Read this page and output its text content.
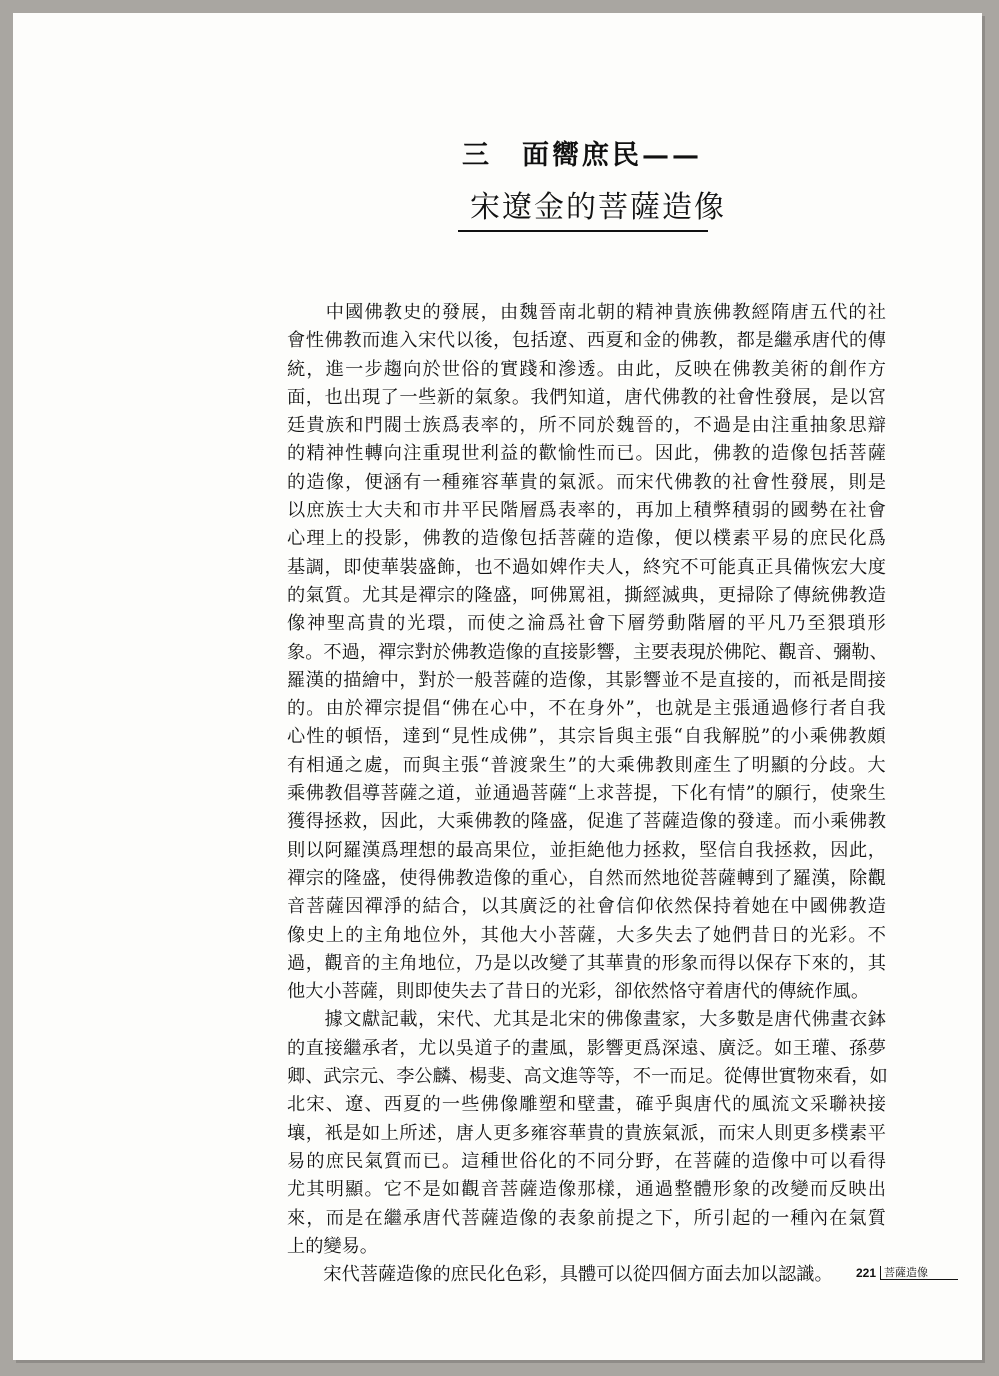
三　面嚮庶民——
宋遼金的菩薩造像

中 國 佛 教 史 的 發 展 ， 由 魏 晉 南 北 朝 的 精 神 貴 族 佛 教 經 隋 唐 五 代 的 社
會 性 佛 教 而 進 入 宋 代 以 後 ， 包 括 遼 、 西 夏 和 金 的 佛 教 ， 都 是 繼 承 唐 代 的 傳
統 ， 進 一 步 趨 向 於 世 俗 的 實 踐 和 滲 透 。 由 此 ， 反 映 在 佛 教 美 術 的 創 作 方
面 ， 也 出 現 了 一 些 新 的 氣 象 。 我 們 知 道 ， 唐 代 佛 教 的 社 會 性 發 展 ， 是 以 宮
廷 貴 族 和 門 閥 士 族 爲 表 率 的 ， 所 不 同 於 魏 晉 的 ， 不 過 是 由 注 重 抽 象 思 辯
的 精 神 性 轉 向 注 重 現 世 利 益 的 歡 愉 性 而 已 。 因 此 ， 佛 教 的 造 像 包 括 菩 薩
的 造 像 ， 便 涵 有 一 種 雍 容 華 貴 的 氣 派 。 而 宋 代 佛 教 的 社 會 性 發 展 ， 則 是
以 庶 族 士 大 夫 和 市 井 平 民 階 層 爲 表 率 的 ， 再 加 上 積 弊 積 弱 的 國 勢 在 社 會
心 理 上 的 投 影 ， 佛 教 的 造 像 包 括 菩 薩 的 造 像 ， 便 以 樸 素 平 易 的 庶 民 化 爲
基 調 ， 即 使 華 裝 盛 飾 ， 也 不 過 如 婢 作 夫 人 ， 終 究 不 可 能 真 正 具 備 恢 宏 大 度
的 氣 質 。 尤 其 是 禪 宗 的 隆 盛 ， 呵 佛 罵 祖 ， 撕 經 滅 典 ， 更 掃 除 了 傳 統 佛 教 造
像 神 聖 高 貴 的 光 環 ， 而 使 之 淪 爲 社 會 下 層 勞 動 階 層 的 平 凡 乃 至 猥 瑣 形
象 。 不 過 ， 禪 宗 對 於 佛 教 造 像 的 直 接 影 響 ， 主 要 表 現 於 佛 陀 、 觀 音 、 彌 勒 、
羅 漢 的 描 繪 中 ， 對 於 一 般 菩 薩 的 造 像 ， 其 影 響 並 不 是 直 接 的 ， 而 衹 是 間 接
的 。 由 於 禪 宗 提 倡 “ 佛 在 心 中 ， 不 在 身 外 ” ， 也 就 是 主 張 通 過 修 行 者 自 我
心 性 的 頓 悟 ， 達 到 “ 見 性 成 佛 ” ， 其 宗 旨 與 主 張 “ 自 我 解 脱 ” 的 小 乘 佛 教 頗
有 相 通 之 處 ， 而 與 主 張 “ 普 渡 衆 生 ” 的 大 乘 佛 教 則 產 生 了 明 顯 的 分 歧 。 大
乘 佛 教 倡 導 菩 薩 之 道 ， 並 通 過 菩 薩 “ 上 求 菩 提 ， 下 化 有 情 ” 的 願 行 ， 使 衆 生
獲 得 拯 救 ， 因 此 ， 大 乘 佛 教 的 隆 盛 ， 促 進 了 菩 薩 造 像 的 發 達 。 而 小 乘 佛 教
則 以 阿 羅 漢 爲 理 想 的 最 高 果 位 ， 並 拒 絶 他 力 拯 救 ， 堅 信 自 我 拯 救 ， 因 此 ，
禪 宗 的 隆 盛 ， 使 得 佛 教 造 像 的 重 心 ， 自 然 而 然 地 從 菩 薩 轉 到 了 羅 漢 ， 除 觀
音 菩 薩 因 禪 淨 的 結 合 ， 以 其 廣 泛 的 社 會 信 仰 依 然 保 持 着 她 在 中 國 佛 教 造
像 史 上 的 主 角 地 位 外 ， 其 他 大 小 菩 薩 ， 大 多 失 去 了 她 們 昔 日 的 光 彩 。 不
過 ， 觀 音 的 主 角 地 位 ， 乃 是 以 改 變 了 其 華 貴 的 形 象 而 得 以 保 存 下 來 的 ， 其
他大小菩薩，則即使失去了昔日的光彩，卻依然恪守着唐代的傳統作風。

據 文 獻 記 載 ， 宋 代 、 尤 其 是 北 宋 的 佛 像 畫 家 ， 大 多 數 是 唐 代 佛 畫 衣 鉢
的 直 接 繼 承 者 ， 尤 以 吳 道 子 的 畫 風 ， 影 響 更 爲 深 遠 、 廣 泛 。 如 王 瓘 、 孫 夢
卿 、 武 宗 元 、 李 公 麟 、 楊 斐 、 高 文 進 等 等 ， 不 一 而 足 。 從 傳 世 實 物 來 看 ， 如
北 宋 、 遼 、 西 夏 的 一 些 佛 像 雕 塑 和 壁 畫 ， 確 乎 與 唐 代 的 風 流 文 采 聯 袂 接
壤 ， 衹 是 如 上 所 述 ， 唐 人 更 多 雍 容 華 貴 的 貴 族 氣 派 ， 而 宋 人 則 更 多 樸 素 平
易 的 庶 民 氣 質 而 已 。 這 種 世 俗 化 的 不 同 分 野 ， 在 菩 薩 的 造 像 中 可 以 看 得
尤 其 明 顯 。 它 不 是 如 觀 音 菩 薩 造 像 那 樣 ， 通 過 整 體 形 象 的 改 變 而 反 映 出
來 ， 而 是 在 繼 承 唐 代 菩 薩 造 像 的 表 象 前 提 之 下 ， 所 引 起 的 一 種 內 在 氣 質
上的變易。
　　宋代菩薩造像的庶民化色彩，具體可以從四個方面去加以認識。	221 菩薩造像
